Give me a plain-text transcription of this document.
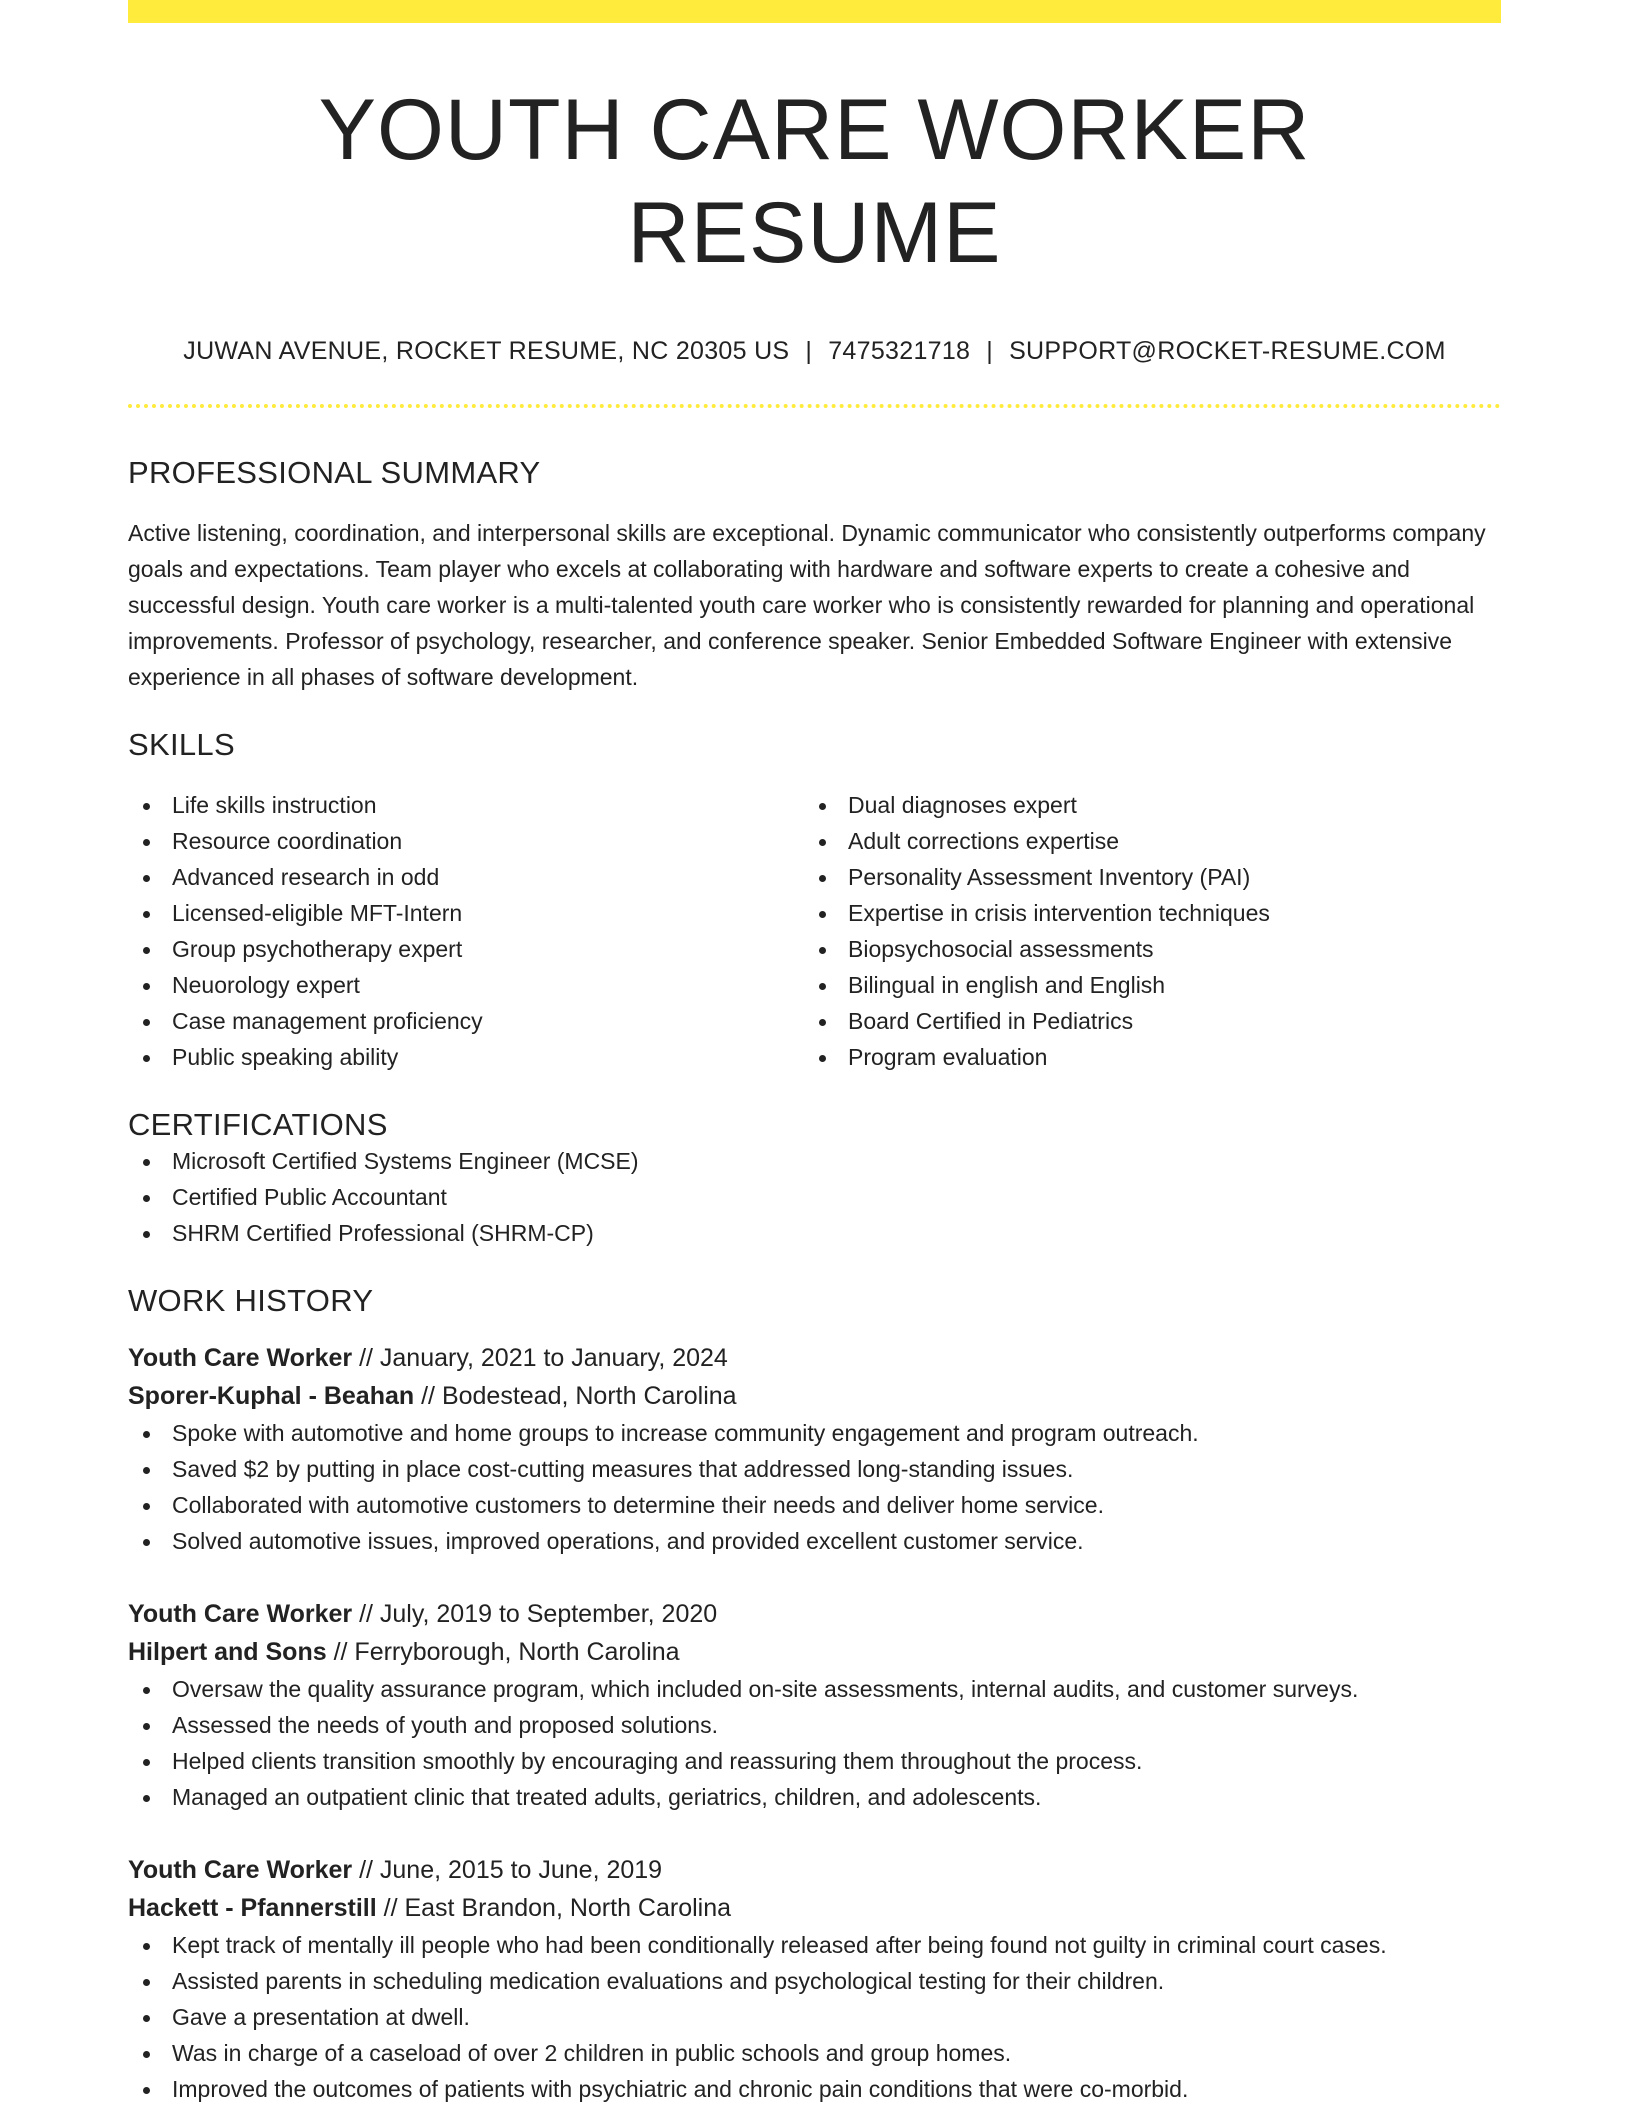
YOUTH CARE WORKER RESUME
JUWAN AVENUE, ROCKET RESUME, NC 20305 US | 7475321718 | SUPPORT@ROCKET-RESUME.COM
PROFESSIONAL SUMMARY

Active listening, coordination, and interpersonal skills are exceptional. Dynamic communicator who consistently outperforms company goals and expectations. Team player who excels at collaborating with hardware and software experts to create a cohesive and successful design. Youth care worker is a multi-talented youth care worker who is consistently rewarded for planning and operational improvements. Professor of psychology, researcher, and conference speaker. Senior Embedded Software Engineer with extensive experience in all phases of software development.

SKILLS
Life skills instruction
Resource coordination
Advanced research in odd
Licensed-eligible MFT-Intern
Group psychotherapy expert
Neuorology expert
Case management proficiency
Public speaking ability
Dual diagnoses expert
Adult corrections expertise
Personality Assessment Inventory (PAI)
Expertise in crisis intervention techniques
Biopsychosocial assessments
Bilingual in english and English
Board Certified in Pediatrics
Program evaluation
CERTIFICATIONS
Microsoft Certified Systems Engineer (MCSE)
Certified Public Accountant
SHRM Certified Professional (SHRM-CP)
WORK HISTORY
Youth Care Worker // January, 2021 to January, 2024
Sporer-Kuphal - Beahan // Bodestead, North Carolina
Spoke with automotive and home groups to increase community engagement and program outreach.
Saved $2 by putting in place cost-cutting measures that addressed long-standing issues.
Collaborated with automotive customers to determine their needs and deliver home service.
Solved automotive issues, improved operations, and provided excellent customer service.
Youth Care Worker // July, 2019 to September, 2020
Hilpert and Sons // Ferryborough, North Carolina
Oversaw the quality assurance program, which included on-site assessments, internal audits, and customer surveys.
Assessed the needs of youth and proposed solutions.
Helped clients transition smoothly by encouraging and reassuring them throughout the process.
Managed an outpatient clinic that treated adults, geriatrics, children, and adolescents.
Youth Care Worker // June, 2015 to June, 2019
Hackett - Pfannerstill // East Brandon, North Carolina
Kept track of mentally ill people who had been conditionally released after being found not guilty in criminal court cases.
Assisted parents in scheduling medication evaluations and psychological testing for their children.
Gave a presentation at dwell.
Was in charge of a caseload of over 2 children in public schools and group homes.
Improved the outcomes of patients with psychiatric and chronic pain conditions that were co-morbid.
